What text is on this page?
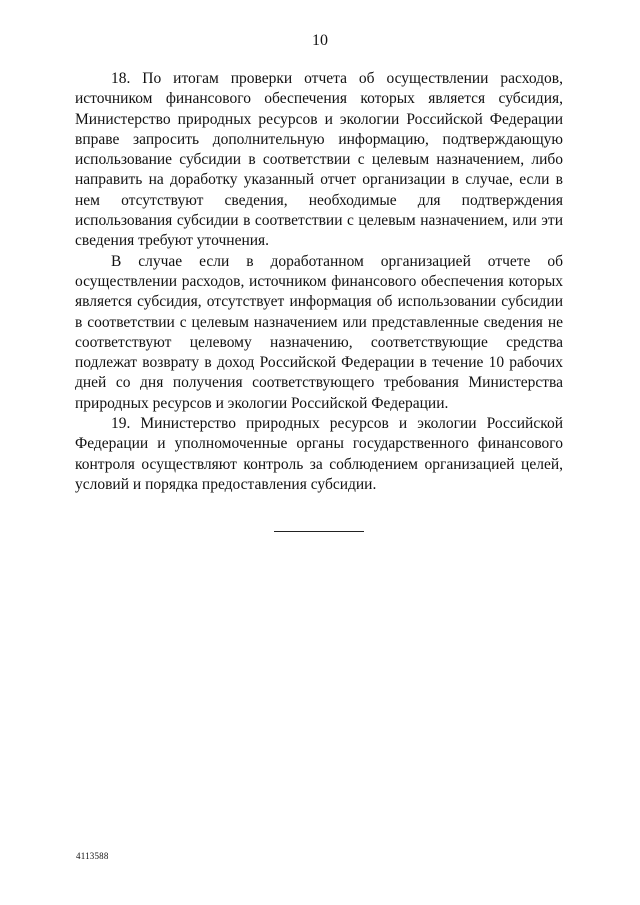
10

18. По итогам проверки отчета об осуществлении расходов, источником финансового обеспечения которых является субсидия, Министерство природных ресурсов и экологии Российской Федерации вправе запросить дополнительную информацию, подтверждающую использование субсидии в соответствии с целевым назначением, либо направить на доработку указанный отчет организации в случае, если в нем отсутствуют сведения, необходимые для подтверждения использования субсидии в соответствии с целевым назначением, или эти сведения требуют уточнения.

В случае если в доработанном организацией отчете об осуществлении расходов, источником финансового обеспечения которых является субсидия, отсутствует информация об использовании субсидии в соответствии с целевым назначением или представленные сведения не соответствуют целевому назначению, соответствующие средства подлежат возврату в доход Российской Федерации в течение 10 рабочих дней со дня получения соответствующего требования Министерства природных ресурсов и экологии Российской Федерации.

19. Министерство природных ресурсов и экологии Российской Федерации и уполномоченные органы государственного финансового контроля осуществляют контроль за соблюдением организацией целей, условий и порядка предоставления субсидии.

4113588
